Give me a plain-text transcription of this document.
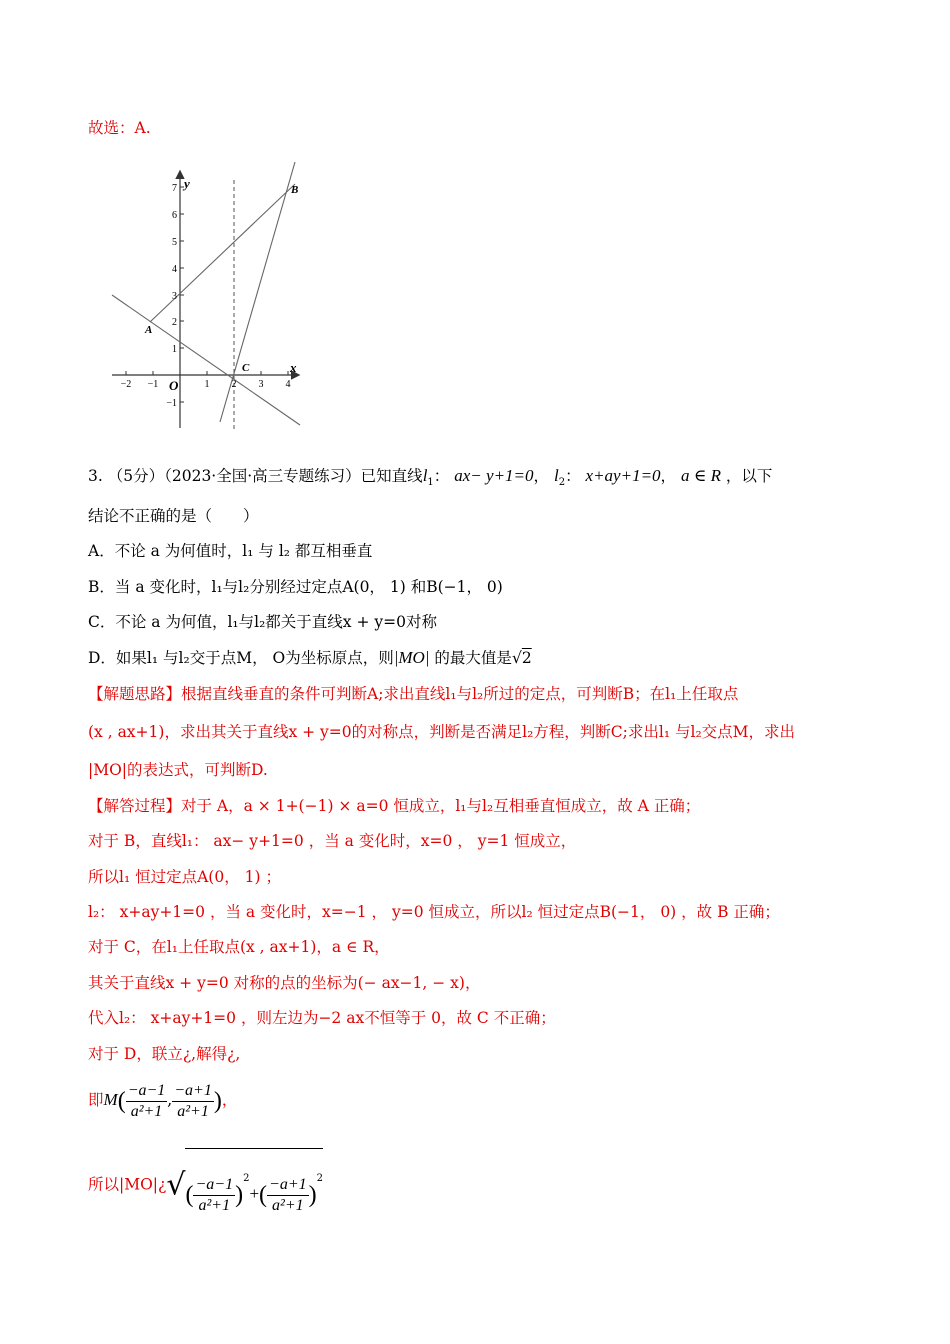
故选：A.
y
x
O
7
6
5
4
3
2
1
−1
−2 −1	1 2 3 4
A
B
C
3. （5分）（2023·全国·高三专题练习）已知直线$l_1$： ax− y+1=0， $l_2$： x+ay+1=0， a ∈ R ，以下
结论不正确的是（　　）
A．不论 a 为何值时，l₁ 与 l₂ 都互相垂直
B．当 a 变化时，l₁与l₂分别经过定点A(0， 1) 和B(−1， 0)
C．不论 a 为何值，l₁与l₂都关于直线x + y=0对称
D．如果l₁ 与l₂交于点M， O为坐标原点，则|MO| 的最大值是√2
【解题思路】根据直线垂直的条件可判断A;求出直线l₁与l₂所过的定点，可判断B；在l₁上任取点
(x , ax+1)，求出其关于直线x + y=0的对称点，判断是否满足l₂方程，判断C;求出l₁ 与l₂交点M，求出
|MO|的表达式，可判断D.
【解答过程】对于 A，a × 1+(−1) × a=0 恒成立，l₁与l₂互相垂直恒成立，故 A 正确；
对于 B，直线l₁： ax− y+1=0 ，当 a 变化时，x=0 ， y=1 恒成立，
所以l₁ 恒过定点A(0， 1) ；
l₂： x+ay+1=0 ，当 a 变化时，x=−1 ， y=0 恒成立，所以l₂ 恒过定点B(−1， 0) ，故 B 正确；
对于 C，在l₁上任取点(x , ax+1)，a ∈ R，
其关于直线x + y=0 对称的点的坐标为(− ax−1, − x)，
代入l₂： x+ay+1=0 ，则左边为−2 ax不恒等于 0，故 C 不正确；
对于 D，联立¿,解得¿,
即$M( \frac{-a-1}{\text{a²+1}}$ , $\frac{-a+1}{\text{a²+1}}$ )，
所以|MO|¿√( $\frac{-a-1}{\text{a²+1}} )^2+( \frac{-a+1}{\text{a²+1}} )^2$
